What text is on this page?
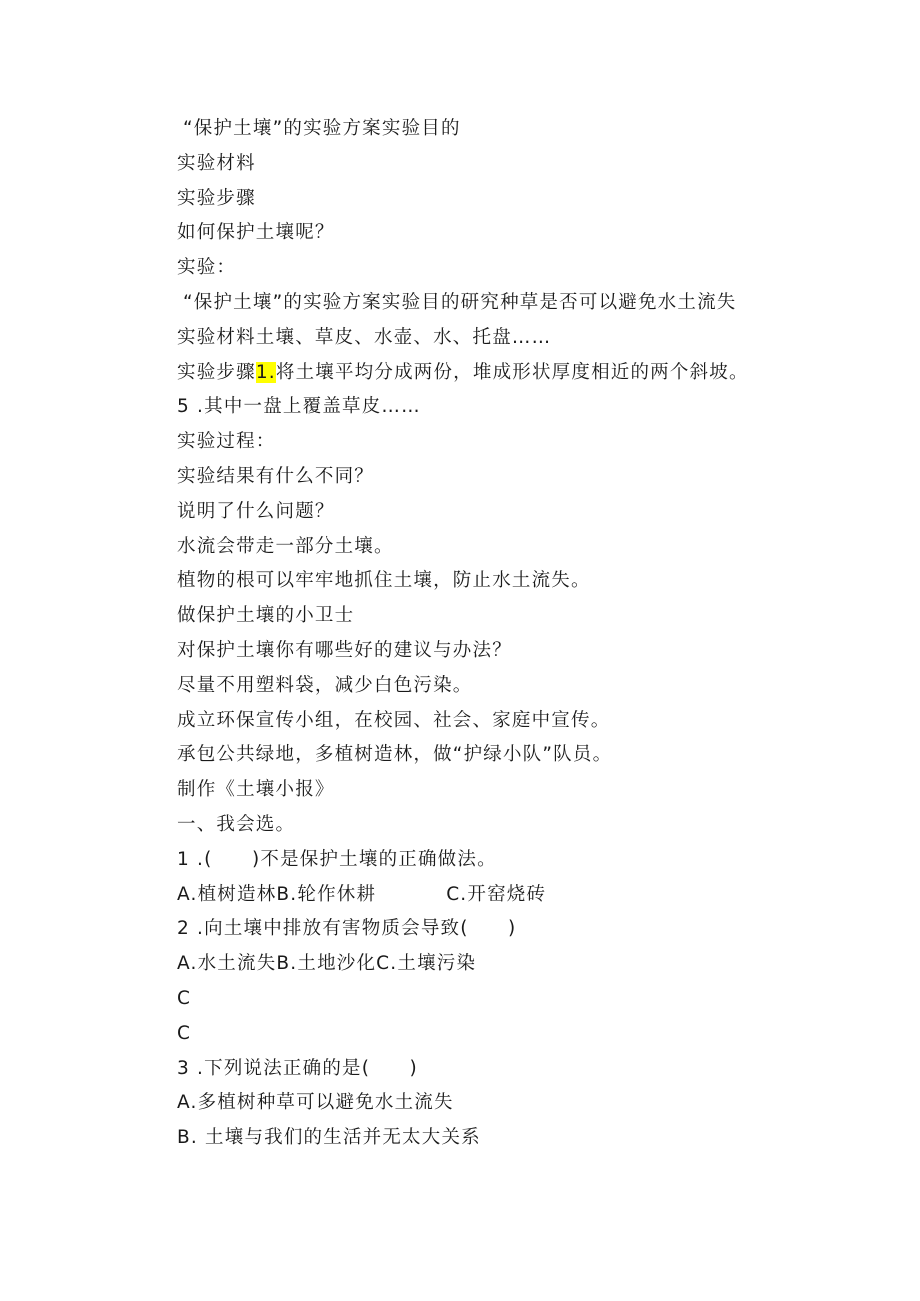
“保护土壤”的实验方案实验目的
实验材料
实验步骤
如何保护土壤呢？
实验：
“保护土壤”的实验方案实验目的研究种草是否可以避免水土流失
实验材料土壤、草皮、水壶、水、托盘……
实验步骤1.将土壤平均分成两份，堆成形状厚度相近的两个斜坡。
5 .其中一盘上覆盖草皮……
实验过程：
实验结果有什么不同？
说明了什么问题？
水流会带走一部分土壤。
植物的根可以牢牢地抓住土壤，防止水土流失。
做保护土壤的小卫士
对保护土壤你有哪些好的建议与办法？
尽量不用塑料袋，减少白色污染。
成立环保宣传小组，在校园、社会、家庭中宣传。
承包公共绿地，多植树造林，做“护绿小队”队员。
制作《土壤小报》
一、我会选。
1 .(　　)不是保护土壤的正确做法。
A.植树造林B.轮作休耕	C.开窑烧砖
2 .向土壤中排放有害物质会导致(　　)
A.水土流失B.土地沙化C.土壤污染
C
C
3 .下列说法正确的是(　　)
A.多植树种草可以避免水土流失
B. 土壤与我们的生活并无太大关系
